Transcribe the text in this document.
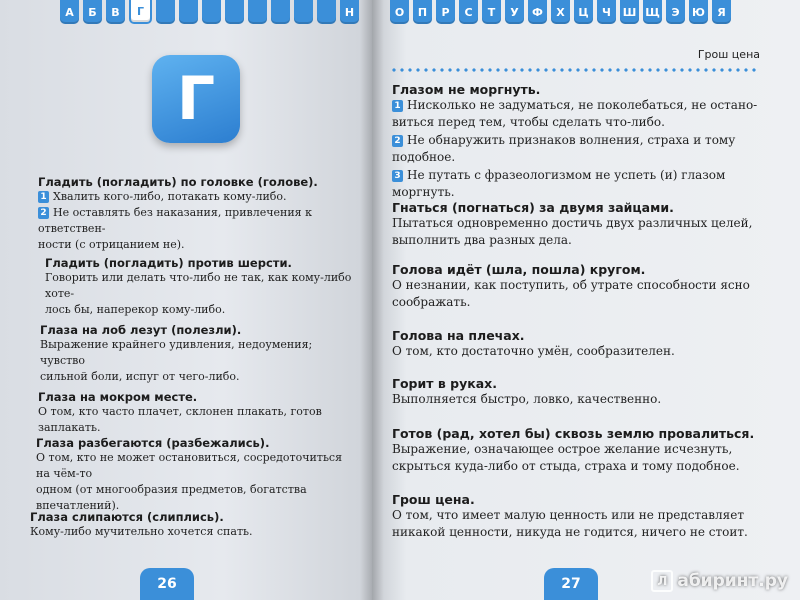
А	Б	В	Г	Н
Г
Гладить (погладить) по головке (голове).
1 Хвалить кого-либо, потакать кому-либо.
2 Не оставлять без наказания, привлечения к ответствен-
ности (с отрицанием не).
Гладить (погладить) против шерсти.
Говорить или делать что-либо не так, как кому-либо хоте-
лось бы, наперекор кому-либо.
Глаза на лоб лезут (полезли).
Выражение крайнего удивления, недоумения; чувство
сильной боли, испуг от чего-либо.
Глаза на мокром месте.
О том, кто часто плачет, склонен плакать, готов заплакать.
Глаза разбегаются (разбежались).
О том, кто не может остановиться, сосредоточиться на чём-то
одном (от многообразия предметов, богатства впечатлений).
Глаза слипаются (слиплись).
Кому-либо мучительно хочется спать.
26
О	П	Р	С	Т	У	Ф	Х	Ц	Ч	Ш Щ	Э	Ю	Я
Грош цена
Глазом не моргнуть.
1 Нисколько не задуматься, не поколебаться, не остано-
виться перед тем, чтобы сделать что-либо.
2 Не обнаружить признаков волнения, страха и тому
подобное.
3 Не путать с фразеологизмом не успеть (и) глазом
моргнуть.
Гнаться (погнаться) за двумя зайцами.
Пытаться одновременно достичь двух различных целей,
выполнить два разных дела.
Голова идёт (шла, пошла) кругом.
О незнании, как поступить, об утрате способности ясно
соображать.
Голова на плечах.
О том, кто достаточно умён, сообразителен.
Горит в руках.
Выполняется быстро, ловко, качественно.
Готов (рад, хотел бы) сквозь землю провалиться.
Выражение, означающее острое желание исчезнуть,
скрыться куда-либо от стыда, страха и тому подобное.
Грош цена.
О том, что имеет малую ценность или не представляет
никакой ценности, никуда не годится, ничего не стоит.
27	Л абиринт.ру
